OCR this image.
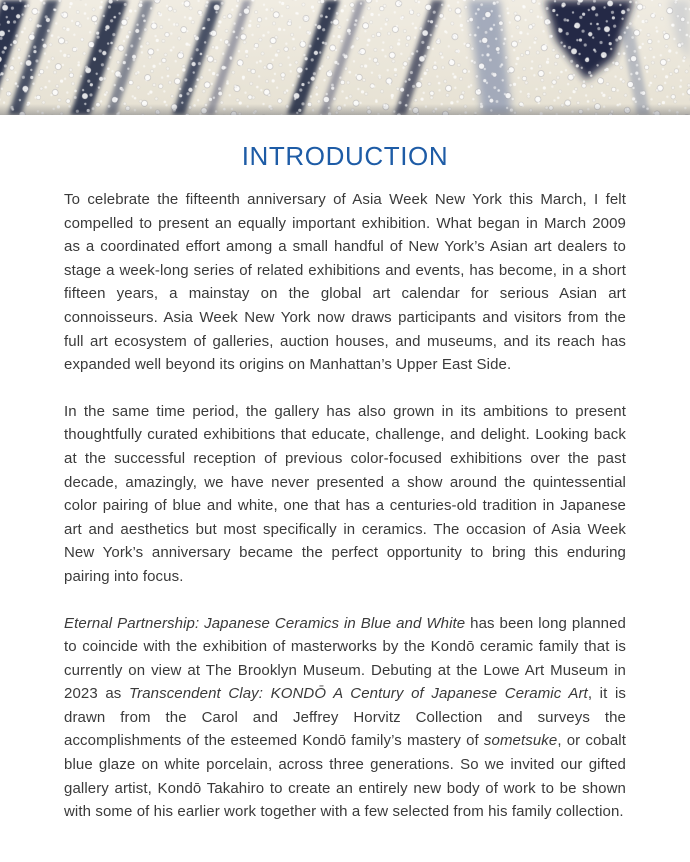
INTRODUCTION

To celebrate the fifteenth anniversary of Asia Week New York this March, I felt compelled to present an equally important exhibition. What began in March 2009 as a coordinated effort among a small handful of New York’s Asian art dealers to stage a week-long series of related exhibitions and events, has become, in a short fifteen years, a mainstay on the global art calendar for serious Asian art connoisseurs. Asia Week New York now draws participants and visitors from the full art ecosystem of galleries, auction houses, and museums, and its reach has expanded well beyond its origins on Manhattan’s Upper East Side.

In the same time period, the gallery has also grown in its ambitions to present thoughtfully curated exhibitions that educate, challenge, and delight. Looking back at the successful reception of previous color-focused exhibitions over the past decade, amazingly, we have never presented a show around the quintessential color pairing of blue and white, one that has a centuries-old tradition in Japanese art and aesthetics but most specifically in ceramics. The occasion of Asia Week New York’s anniversary became the perfect opportunity to bring this enduring pairing into focus.

Eternal Partnership: Japanese Ceramics in Blue and White has been long planned to coincide with the exhibition of masterworks by the Kondō ceramic family that is currently on view at The Brooklyn Museum. Debuting at the Lowe Art Museum in 2023 as Transcendent Clay: KONDŌ A Century of Japanese Ceramic Art, it is drawn from the Carol and Jeffrey Horvitz Collection and surveys the accomplishments of the esteemed Kondō family’s mastery of sometsuke, or cobalt blue glaze on white porcelain, across three generations. So we invited our gifted gallery artist, Kondō Takahiro to create an entirely new body of work to be shown with some of his earlier work together with a few selected from his family collection.
